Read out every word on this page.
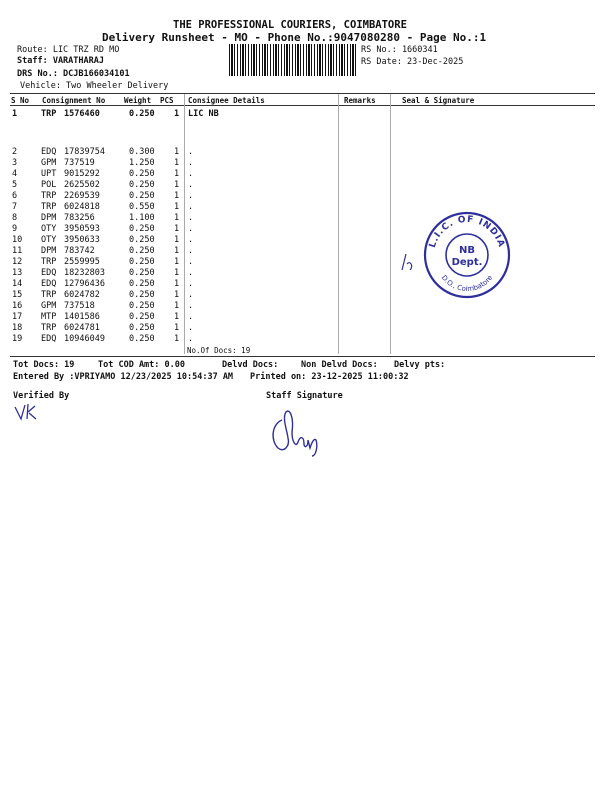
THE PROFESSIONAL COURIERS, COIMBATORE
Delivery Runsheet - MO - Phone No.:9047080280 - Page No.:1
Route: LIC TRZ RD MO
Staff: VARATHARAJ
DRS No.: DCJB166034101
Vehicle: Two Wheeler Delivery
RS No.: 1660341
RS Date: 23-Dec-2025
S No Consignment No	Weight PCS Consignee Details	Remarks	Seal & Signature
1	TRP 1576460	0.250 1 LIC NB
2	EDQ 17839754	0.300 1 .
3	GPM 737519	1.250 1 .
4	UPT 9015292	0.250 1 .
5	POL 2625502	0.250 1 .
6	TRP 2269539	0.250 1 .
7	TRP 6024818	0.550 1 .
8	DPM 783256	1.100 1 .
9	OTY 3950593	0.250 1 .
10 OTY 3950633	0.250 1 .
11 DPM 783742	0.250 1 .
12 TRP 2559995	0.250 1 .
13 EDQ 18232803	0.250 1 .
14 EDQ 12796436	0.250 1 .
15 TRP 6024782	0.250 1 .
16 GPM 737518	0.250 1 .
17 MTP 1401586	0.250 1 .
18 TRP 6024781	0.250 1 .
19 EDQ 10946049	0.250 1 .
No.Of Docs: 19
Tot Docs: 19	Tot COD Amt: 0.00	Delvd Docs:	Non Delvd Docs: Delvy pts:
Entered By :VPRIYAMO 12/23/2025 10:54:37 AM Printed on: 23-12-2025 11:00:32
Verified By	Staff Signature
L.I.C. OF INDIA
D.O., Coimbatore
NB
Dept.
